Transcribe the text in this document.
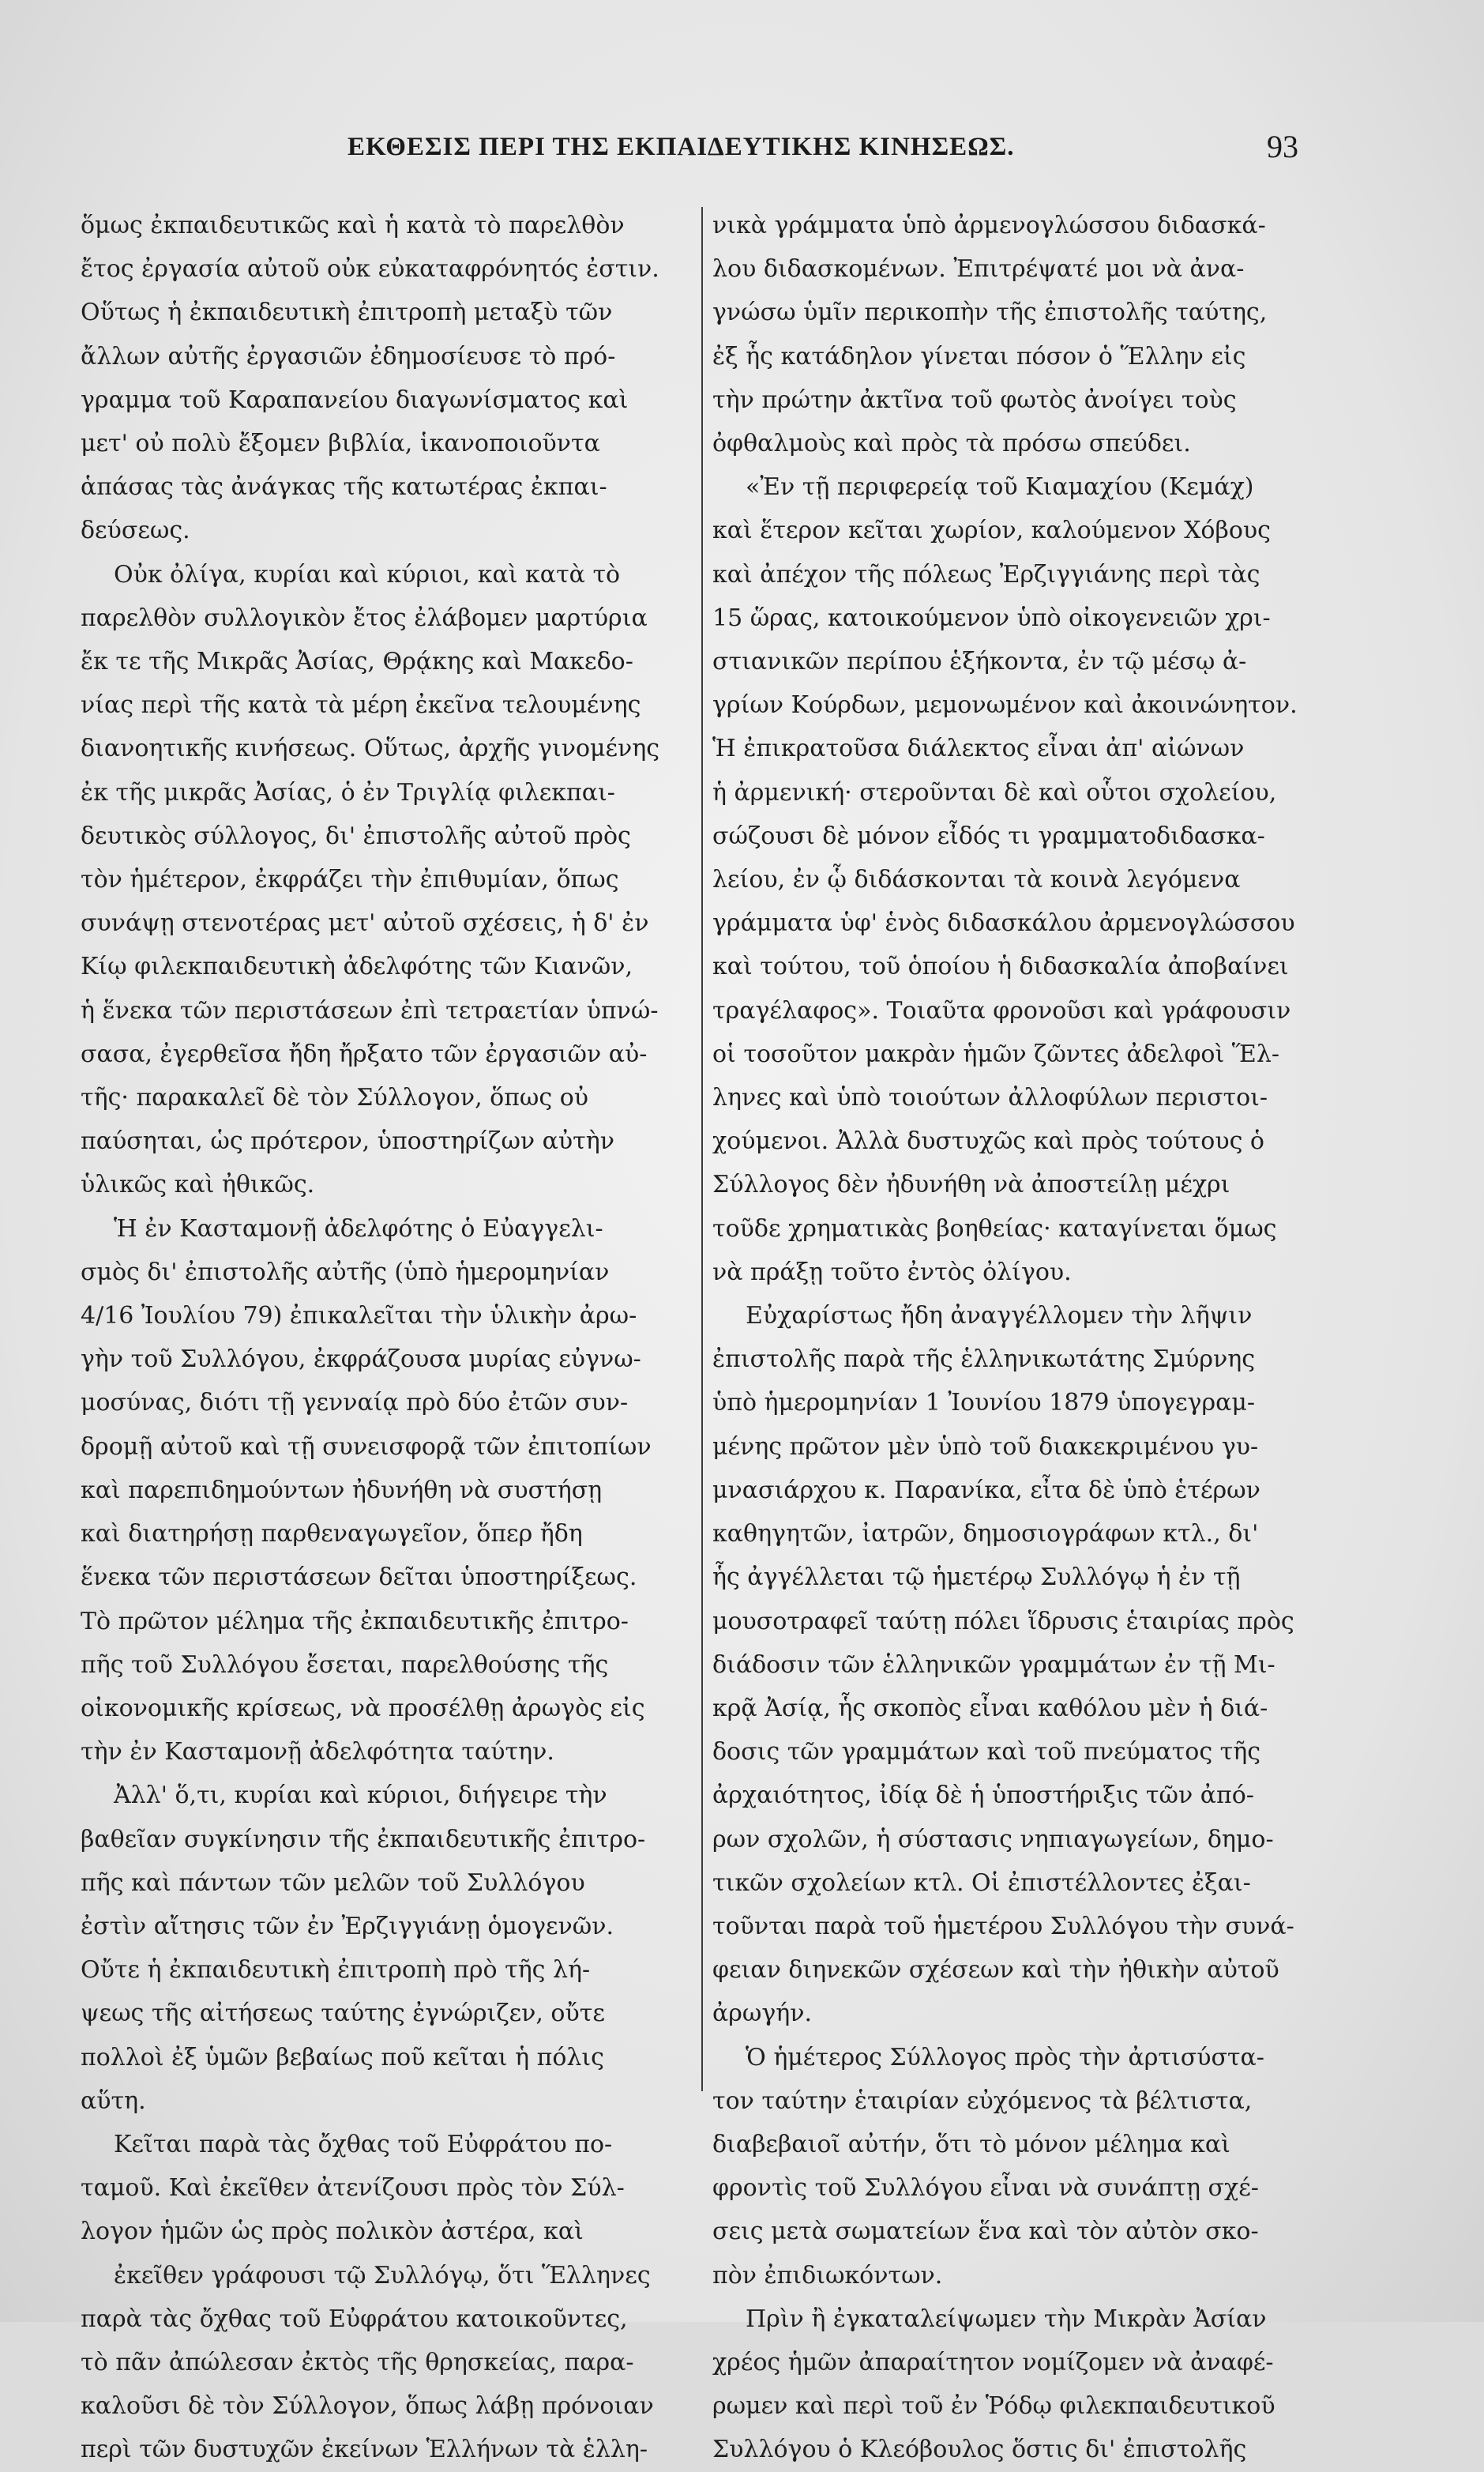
ΕΚΘΕΣΙΣ ΠΕΡΙ ΤΗΣ ΕΚΠΑΙΔΕΥΤΙΚΗΣ ΚΙΝΗΣΕΩΣ.	93
ὅμως ἐκπαιδευτικῶς καὶ ἡ κατὰ τὸ παρελθὸν
ἔτος ἐργασία αὐτοῦ οὐκ εὐκαταφρόνητός ἐστιν.
Οὕτως ἡ ἐκπαιδευτικὴ ἐπιτροπὴ μεταξὺ τῶν
ἄλλων αὐτῆς ἐργασιῶν ἐδημοσίευσε τὸ πρό-
γραμμα τοῦ Καραπανείου διαγωνίσματος καὶ
μετ' οὐ πολὺ ἔξομεν βιβλία, ἱκανοποιοῦντα
ἁπάσας τὰς ἀνάγκας τῆς κατωτέρας ἐκπαι-
δεύσεως.
Οὐκ ὀλίγα, κυρίαι καὶ κύριοι, καὶ κατὰ τὸ
παρελθὸν συλλογικὸν ἔτος ἐλάβομεν μαρτύρια
ἔκ τε τῆς Μικρᾶς Ἀσίας, Θρᾴκης καὶ Μακεδο-
νίας περὶ τῆς κατὰ τὰ μέρη ἐκεῖνα τελουμένης
διανοητικῆς κινήσεως. Οὕτως, ἀρχῆς γινομένης
ἐκ τῆς μικρᾶς Ἀσίας, ὁ ἐν Τριγλίᾳ φιλεκπαι-
δευτικὸς σύλλογος, δι' ἐπιστολῆς αὐτοῦ πρὸς
τὸν ἡμέτερον, ἐκφράζει τὴν ἐπιθυμίαν, ὅπως
συνάψῃ στενοτέρας μετ' αὐτοῦ σχέσεις, ἡ δ' ἐν
Κίῳ φιλεκπαιδευτικὴ ἀδελφότης τῶν Κιανῶν,
ἡ ἕνεκα τῶν περιστάσεων ἐπὶ τετραετίαν ὑπνώ-
σασα, ἐγερθεῖσα ἤδη ἤρξατο τῶν ἐργασιῶν αὐ-
τῆς· παρακαλεῖ δὲ τὸν Σύλλογον, ὅπως οὐ
παύσηται, ὡς πρότερον, ὑποστηρίζων αὐτὴν
ὑλικῶς καὶ ἠθικῶς.
Ἡ ἐν Κασταμονῇ ἀδελφότης ὁ Εὐαγγελι-
σμὸς δι' ἐπιστολῆς αὐτῆς (ὑπὸ ἡμερομηνίαν
4/16 Ἰουλίου 79) ἐπικαλεῖται τὴν ὑλικὴν ἀρω-
γὴν τοῦ Συλλόγου, ἐκφράζουσα μυρίας εὐγνω-
μοσύνας, διότι τῇ γενναίᾳ πρὸ δύο ἐτῶν συν-
δρομῇ αὐτοῦ καὶ τῇ συνεισφορᾷ τῶν ἐπιτοπίων
καὶ παρεπιδημούντων ἠδυνήθη νὰ συστήσῃ
καὶ διατηρήσῃ παρθεναγωγεῖον, ὅπερ ἤδη
ἕνεκα τῶν περιστάσεων δεῖται ὑποστηρίξεως.
Τὸ πρῶτον μέλημα τῆς ἐκπαιδευτικῆς ἐπιτρο-
πῆς τοῦ Συλλόγου ἔσεται, παρελθούσης τῆς
οἰκονομικῆς κρίσεως, νὰ προσέλθῃ ἀρωγὸς εἰς
τὴν ἐν Κασταμονῇ ἀδελφότητα ταύτην.
Ἀλλ' ὅ,τι, κυρίαι καὶ κύριοι, διήγειρε τὴν
βαθεῖαν συγκίνησιν τῆς ἐκπαιδευτικῆς ἐπιτρο-
πῆς καὶ πάντων τῶν μελῶν τοῦ Συλλόγου
ἐστὶν αἴτησις τῶν ἐν Ἐρζιγγιάνῃ ὁμογενῶν.
Οὔτε ἡ ἐκπαιδευτικὴ ἐπιτροπὴ πρὸ τῆς λή-
ψεως τῆς αἰτήσεως ταύτης ἐγνώριζεν, οὔτε
πολλοὶ ἐξ ὑμῶν βεβαίως ποῦ κεῖται ἡ πόλις
αὕτη.
Κεῖται παρὰ τὰς ὄχθας τοῦ Εὐφράτου πο-
ταμοῦ. Καὶ ἐκεῖθεν ἀτενίζουσι πρὸς τὸν Σύλ-
λογον ἡμῶν ὡς πρὸς πολικὸν ἀστέρα, καὶ
ἐκεῖθεν γράφουσι τῷ Συλλόγῳ, ὅτι Ἕλληνες
παρὰ τὰς ὄχθας τοῦ Εὐφράτου κατοικοῦντες,
τὸ πᾶν ἀπώλεσαν ἐκτὸς τῆς θρησκείας, παρα-
καλοῦσι δὲ τὸν Σύλλογον, ὅπως λάβῃ πρόνοιαν
περὶ τῶν δυστυχῶν ἐκείνων Ἑλλήνων τὰ ἑλλη-
νικὰ γράμματα ὑπὸ ἀρμενογλώσσου διδασκά-
λου διδασκομένων. Ἐπιτρέψατέ μοι νὰ ἀνα-
γνώσω ὑμῖν περικοπὴν τῆς ἐπιστολῆς ταύτης,
ἐξ ἧς κατάδηλον γίνεται πόσον ὁ Ἕλλην εἰς
τὴν πρώτην ἀκτῖνα τοῦ φωτὸς ἀνοίγει τοὺς
ὀφθαλμοὺς καὶ πρὸς τὰ πρόσω σπεύδει.
«Ἐν τῇ περιφερείᾳ τοῦ Κιαμαχίου (Κεμάχ)
καὶ ἕτερον κεῖται χωρίον, καλούμενον Χόβους
καὶ ἀπέχον τῆς πόλεως Ἐρζιγγιάνης περὶ τὰς
15 ὥρας, κατοικούμενον ὑπὸ οἰκογενειῶν χρι-
στιανικῶν περίπου ἑξήκοντα, ἐν τῷ μέσῳ ἀ-
γρίων Κούρδων, μεμονωμένον καὶ ἀκοινώνητον.
Ἡ ἐπικρατοῦσα διάλεκτος εἶναι ἀπ' αἰώνων
ἡ ἀρμενική· στεροῦνται δὲ καὶ οὗτοι σχολείου,
σώζουσι δὲ μόνον εἶδός τι γραμματοδιδασκα-
λείου, ἐν ᾧ διδάσκονται τὰ κοινὰ λεγόμενα
γράμματα ὑφ' ἑνὸς διδασκάλου ἀρμενογλώσσου
καὶ τούτου, τοῦ ὁποίου ἡ διδασκαλία ἀποβαίνει
τραγέλαφος». Τοιαῦτα φρονοῦσι καὶ γράφουσιν
οἱ τοσοῦτον μακρὰν ἡμῶν ζῶντες ἀδελφοὶ Ἕλ-
ληνες καὶ ὑπὸ τοιούτων ἀλλοφύλων περιστοι-
χούμενοι. Ἀλλὰ δυστυχῶς καὶ πρὸς τούτους ὁ
Σύλλογος δὲν ἠδυνήθη νὰ ἀποστείλῃ μέχρι
τοῦδε χρηματικὰς βοηθείας· καταγίνεται ὅμως
νὰ πράξῃ τοῦτο ἐντὸς ὀλίγου.
Εὐχαρίστως ἤδη ἀναγγέλλομεν τὴν λῆψιν
ἐπιστολῆς παρὰ τῆς ἑλληνικωτάτης Σμύρνης
ὑπὸ ἡμερομηνίαν 1 Ἰουνίου 1879 ὑπογεγραμ-
μένης πρῶτον μὲν ὑπὸ τοῦ διακεκριμένου γυ-
μνασιάρχου κ. Παρανίκα, εἶτα δὲ ὑπὸ ἑτέρων
καθηγητῶν, ἰατρῶν, δημοσιογράφων κτλ., δι'
ἧς ἀγγέλλεται τῷ ἡμετέρῳ Συλλόγῳ ἡ ἐν τῇ
μουσοτραφεῖ ταύτῃ πόλει ἵδρυσις ἑταιρίας πρὸς
διάδοσιν τῶν ἑλληνικῶν γραμμάτων ἐν τῇ Μι-
κρᾷ Ἀσίᾳ, ἧς σκοπὸς εἶναι καθόλου μὲν ἡ διά-
δοσις τῶν γραμμάτων καὶ τοῦ πνεύματος τῆς
ἀρχαιότητος, ἰδίᾳ δὲ ἡ ὑποστήριξις τῶν ἀπό-
ρων σχολῶν, ἡ σύστασις νηπιαγωγείων, δημο-
τικῶν σχολείων κτλ. Οἱ ἐπιστέλλοντες ἐξαι-
τοῦνται παρὰ τοῦ ἡμετέρου Συλλόγου τὴν συνά-
φειαν διηνεκῶν σχέσεων καὶ τὴν ἠθικὴν αὐτοῦ
ἀρωγήν.
Ὁ ἡμέτερος Σύλλογος πρὸς τὴν ἀρτισύστα-
τον ταύτην ἑταιρίαν εὐχόμενος τὰ βέλτιστα,
διαβεβαιοῖ αὐτήν, ὅτι τὸ μόνον μέλημα καὶ
φροντὶς τοῦ Συλλόγου εἶναι νὰ συνάπτῃ σχέ-
σεις μετὰ σωματείων ἕνα καὶ τὸν αὐτὸν σκο-
πὸν ἐπιδιωκόντων.
Πρὶν ἢ ἐγκαταλείψωμεν τὴν Μικρὰν Ἀσίαν
χρέος ἡμῶν ἀπαραίτητον νομίζομεν νὰ ἀναφέ-
ρωμεν καὶ περὶ τοῦ ἐν Ῥόδῳ φιλεκπαιδευτικοῦ
Συλλόγου ὁ Κλεόβουλος ὅστις δι' ἐπιστολῆς
